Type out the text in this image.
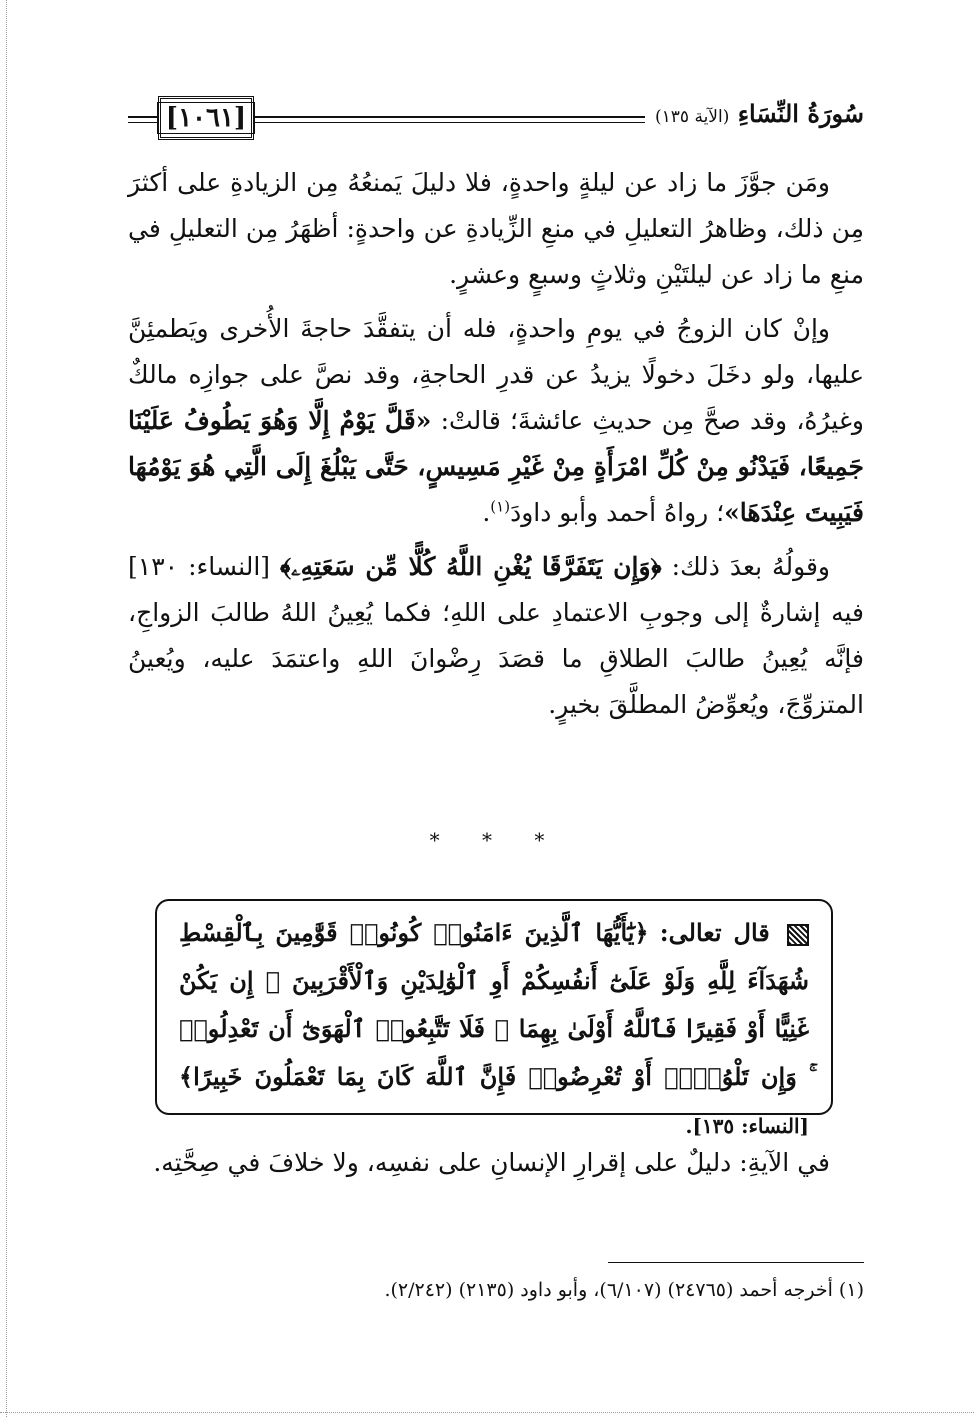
[١٠٦١]	سُورَةُ النِّسَاءِ (الآية ١٣٥)

ومَن جوَّزَ ما زاد عن ليلةٍ واحدةٍ، فلا دليلَ يَمنعُهُ مِن الزيادةِ على أكثرَ مِن ذلك، وظاهرُ التعليلِ في منعِ الزِّيادةِ عن واحدةٍ: أظهَرُ مِن التعليلِ في منعِ ما زاد عن ليلتَيْنِ وثلاثٍ وسبعٍ وعشرٍ.

وإنْ كان الزوجُ في يومِ واحدةٍ، فله أن يتفقَّدَ حاجةَ الأُخرى ويَطمئِنَّ عليها، ولو دخَلَ دخولًا يزيدُ عن قدرِ الحاجةِ، وقد نصَّ على جوازِه مالكٌ وغيرُهُ، وقد صحَّ مِن حديثِ عائشةَ؛ قالتْ: «قَلَّ يَوْمٌ إِلَّا وَهُوَ يَطُوفُ عَلَيْنَا جَمِيعًا، فَيَدْنُو مِنْ كُلِّ امْرَأَةٍ مِنْ غَيْرِ مَسِيسٍ، حَتَّى يَبْلُغَ إِلَى الَّتِي هُوَ يَوْمُهَا فَيَبِيتَ عِنْدَهَا»؛ رواهُ أحمد وأبو داودَ$^{(١)}$.

وقولُهُ بعدَ ذلك: ﴿وَإِن يَتَفَرَّقَا يُغْنِ اللَّهُ كُلًّا مِّن سَعَتِهِۦ﴾ [النساء: ١٣٠] فيه إشارةٌ إلى وجوبِ الاعتمادِ على اللهِ؛ فكما يُعِينُ اللهُ طالبَ الزواجِ، فإنَّه يُعِينُ طالبَ الطلاقِ ما قصَدَ رِضْوانَ اللهِ واعتمَدَ عليه، ويُعينُ المتزوِّجَ، ويُعوِّضُ المطلَّقَ بخيرٍ.

* * *
قال تعالى: ﴿يَٰٓأَيُّهَا ٱلَّذِينَ ءَامَنُوا۟ كُونُوا۟ قَوَّٰمِينَ بِٱلْقِسْطِ شُهَدَآءَ لِلَّهِ وَلَوْ عَلَىٰٓ أَنفُسِكُمْ أَوِ ٱلْوَٰلِدَيْنِ وَٱلْأَقْرَبِينَ ۚ إِن يَكُنْ غَنِيًّا أَوْ فَقِيرًا فَٱللَّهُ أَوْلَىٰ بِهِمَا ۖ فَلَا تَتَّبِعُوا۟ ٱلْهَوَىٰٓ أَن تَعْدِلُوا۟ ۚ وَإِن تَلْوُۥٓا۟ أَوْ تُعْرِضُوا۟ فَإِنَّ ٱللَّهَ كَانَ بِمَا تَعْمَلُونَ خَبِيرًا﴾ [النساء: ١٣٥].

في الآيةِ: دليلٌ على إقرارِ الإنسانِ على نفسِه، ولا خلافَ في صِحَّتِه.

(١) أخرجه أحمد (٢٤٧٦٥) (٦/١٠٧)، وأبو داود (٢١٣٥) (٢/٢٤٢).
